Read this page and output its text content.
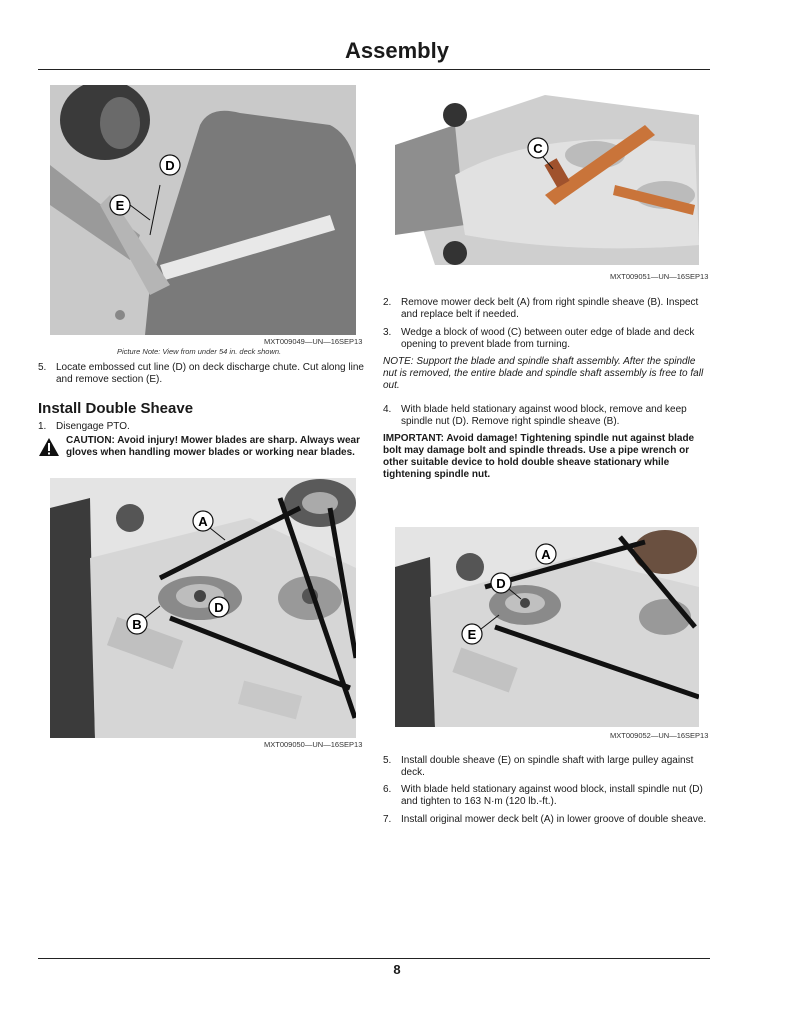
Assembly
D
E
MXT009049—UN—16SEP13
Picture Note: View from under 54 in. deck shown.
5. Locate embossed cut line (D) on deck discharge chute. Cut along line and remove section (E).
Install Double Sheave
1. Disengage PTO.
CAUTION: Avoid injury! Mower blades are sharp. Always wear gloves when handling mower blades or working near blades.
A
B
D
MXT009050—UN—16SEP13
C
MXT009051—UN—16SEP13
2. Remove mower deck belt (A) from right spindle sheave (B). Inspect and replace belt if needed.
3. Wedge a block of wood (C) between outer edge of blade and deck opening to prevent blade from turning.
NOTE: Support the blade and spindle shaft assembly. After the spindle nut is removed, the entire blade and spindle shaft assembly is free to fall out.
4. With blade held stationary against wood block, remove and keep spindle nut (D). Remove right spindle sheave (B).
IMPORTANT: Avoid damage! Tightening spindle nut against blade bolt may damage bolt and spindle threads. Use a pipe wrench or other suitable device to hold double sheave stationary while tightening spindle nut.
A
D
E
MXT009052—UN—16SEP13
5. Install double sheave (E) on spindle shaft with large pulley against deck.
6. With blade held stationary against wood block, install spindle nut (D) and tighten to 163 N·m (120 lb.-ft.).
7. Install original mower deck belt (A) in lower groove of double sheave.
8
